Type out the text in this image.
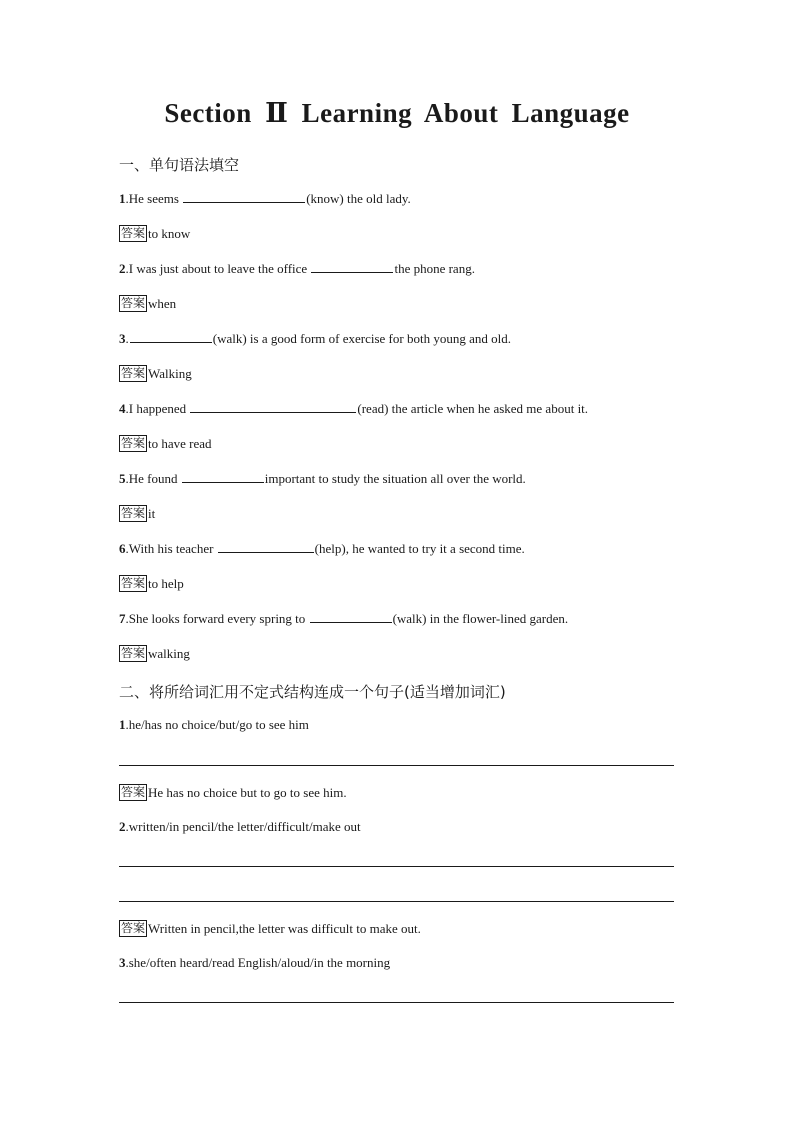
Section Ⅱ Learning About Language
一、单句语法填空
1.He seems	(know) the old lady.
答案 to know
2.I was just about to leave the office	the phone rang.
答案 when
3.	(walk) is a good form of exercise for both young and old.
答案 Walking
4.I happened	(read) the article when he asked me about it.
答案 to have read
5.He found	important to study the situation all over the world.
答案 it
6.With his teacher	(help), he wanted to try it a second time.
答案 to help
7.She looks forward every spring to	(walk) in the flower-lined garden.
答案 walking
二、将所给词汇用不定式结构连成一个句子(适当增加词汇)
1.he/has no choice/but/go to see him
答案 He has no choice but to go to see him.
2.written/in pencil/the letter/difficult/make out
答案 Written in pencil,the letter was difficult to make out.
3.she/often heard/read English/aloud/in the morning
